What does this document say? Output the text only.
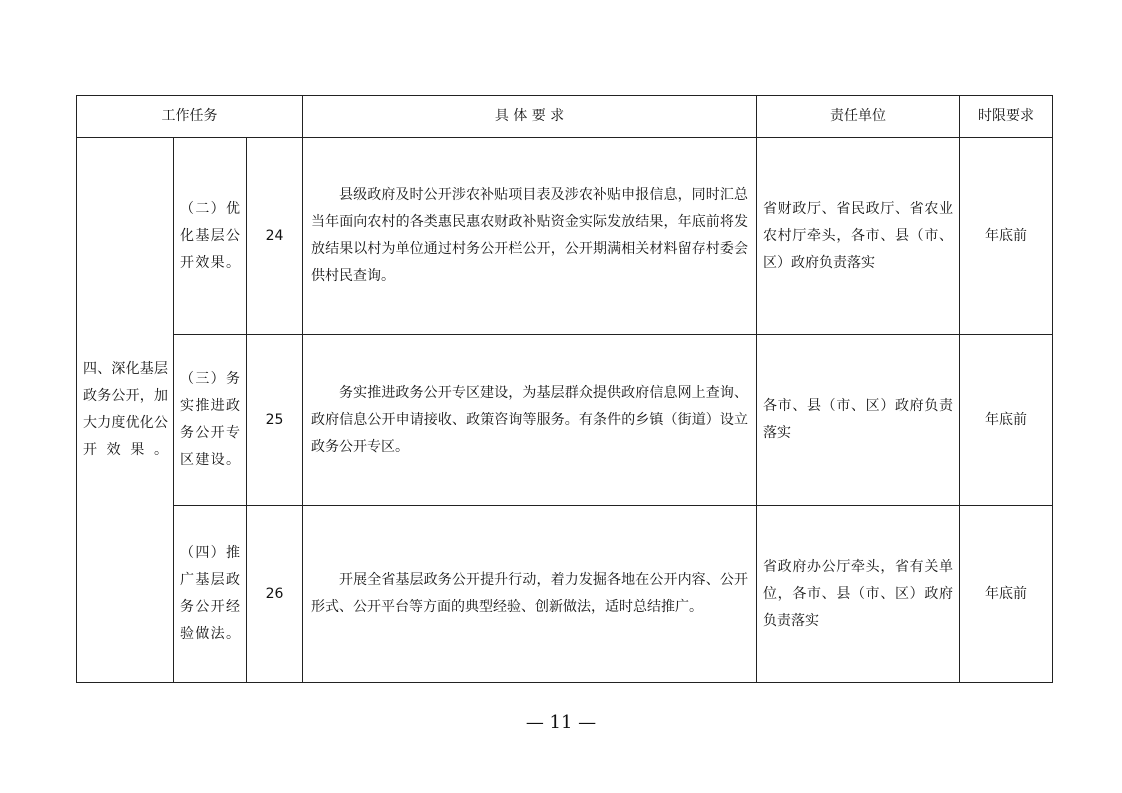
工作任务			具 体 要 求	责任单位	时限要求
四、深化基层政务公开，加大力度优化公开效果。	（二）优化基层公开效果。	24	县级政府及时公开涉农补贴项目表及涉农补贴申报信息，同时汇总当年面向农村的各类惠民惠农财政补贴资金实际发放结果，年底前将发放结果以村为单位通过村务公开栏公开，公开期满相关材料留存村委会供村民查询。	省财政厅、省民政厅、省农业农村厅牵头，各市、县（市、区）政府负责落实	年底前
	（三）务实推进政务公开专区建设。	25	务实推进政务公开专区建设，为基层群众提供政府信息网上查询、政府信息公开申请接收、政策咨询等服务。有条件的乡镇（街道）设立政务公开专区。	各市、县（市、区）政府负责落实	年底前
	（四）推广基层政务公开经验做法。	26	开展全省基层政务公开提升行动，着力发掘各地在公开内容、公开形式、公开平台等方面的典型经验、创新做法，适时总结推广。	省政府办公厅牵头，省有关单位，各市、县（市、区）政府负责落实	年底前
— 11 —
